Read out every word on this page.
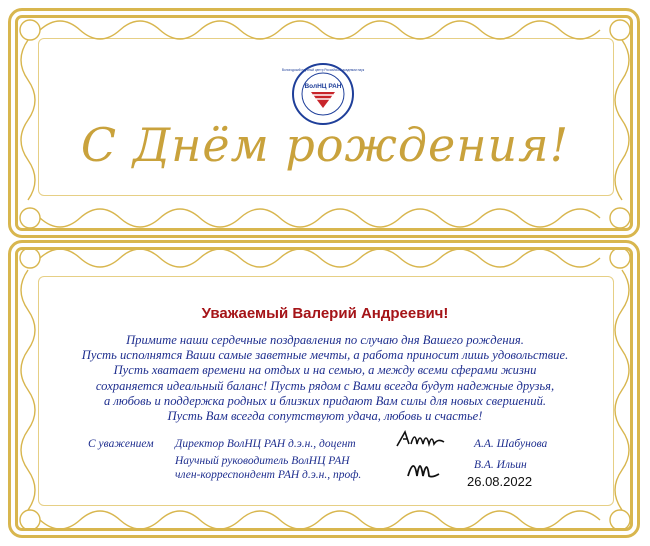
ВолНЦ РАН
Вологодский научный центр Российской академии наук
С Днём рождения!
Уважаемый Валерий Андреевич!
Примите наши сердечные поздравления по случаю дня Вашего рождения.
Пусть исполнятся Ваши самые заветные мечты, а работа приносит лишь удовольствие.
Пусть хватает времени на отдых и на семью, а между всеми сферами жизни
сохраняется идеальный баланс! Пусть рядом с Вами всегда будут надежные друзья,
а любовь и поддержка родных и близких придают Вам силы для новых свершений.
Пусть Вам всегда сопутствуют удача, любовь и счастье!
С уважением Директор ВолНЦ РАН д.э.н., доцент	А.А. Шабунова
Научный руководитель ВолНЦ РАН
член-корреспондент РАН д.э.н., проф.
В.А. Ильин
26.08.2022
